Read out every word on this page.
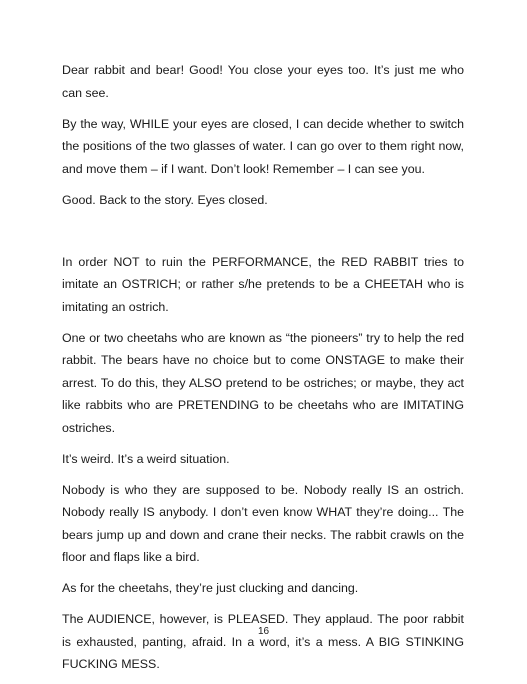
Dear rabbit and bear! Good! You close your eyes too. It’s just me who can see.

By the way, WHILE your eyes are closed, I can decide whether to switch the positions of the two glasses of water. I can go over to them right now, and move them – if I want. Don’t look! Remember – I can see you.

Good. Back to the story. Eyes closed.

In order NOT to ruin the PERFORMANCE, the RED RABBIT tries to imitate an OSTRICH; or rather s/he pretends to be a CHEETAH who is imitating an ostrich.

One or two cheetahs who are known as “the pioneers” try to help the red rabbit. The bears have no choice but to come ONSTAGE to make their arrest. To do this, they ALSO pretend to be ostriches; or maybe, they act like rabbits who are PRETENDING to be cheetahs who are IMITATING ostriches.

It’s weird. It’s a weird situation.

Nobody is who they are supposed to be. Nobody really IS an ostrich. Nobody really IS anybody. I don’t even know WHAT they’re doing... The bears jump up and down and crane their necks. The rabbit crawls on the floor and flaps like a bird.

As for the cheetahs, they’re just clucking and dancing.

The AUDIENCE, however, is PLEASED. They applaud. The poor rabbit is exhausted, panting, afraid. In a word, it’s a mess. A BIG STINKING FUCKING MESS.

16
